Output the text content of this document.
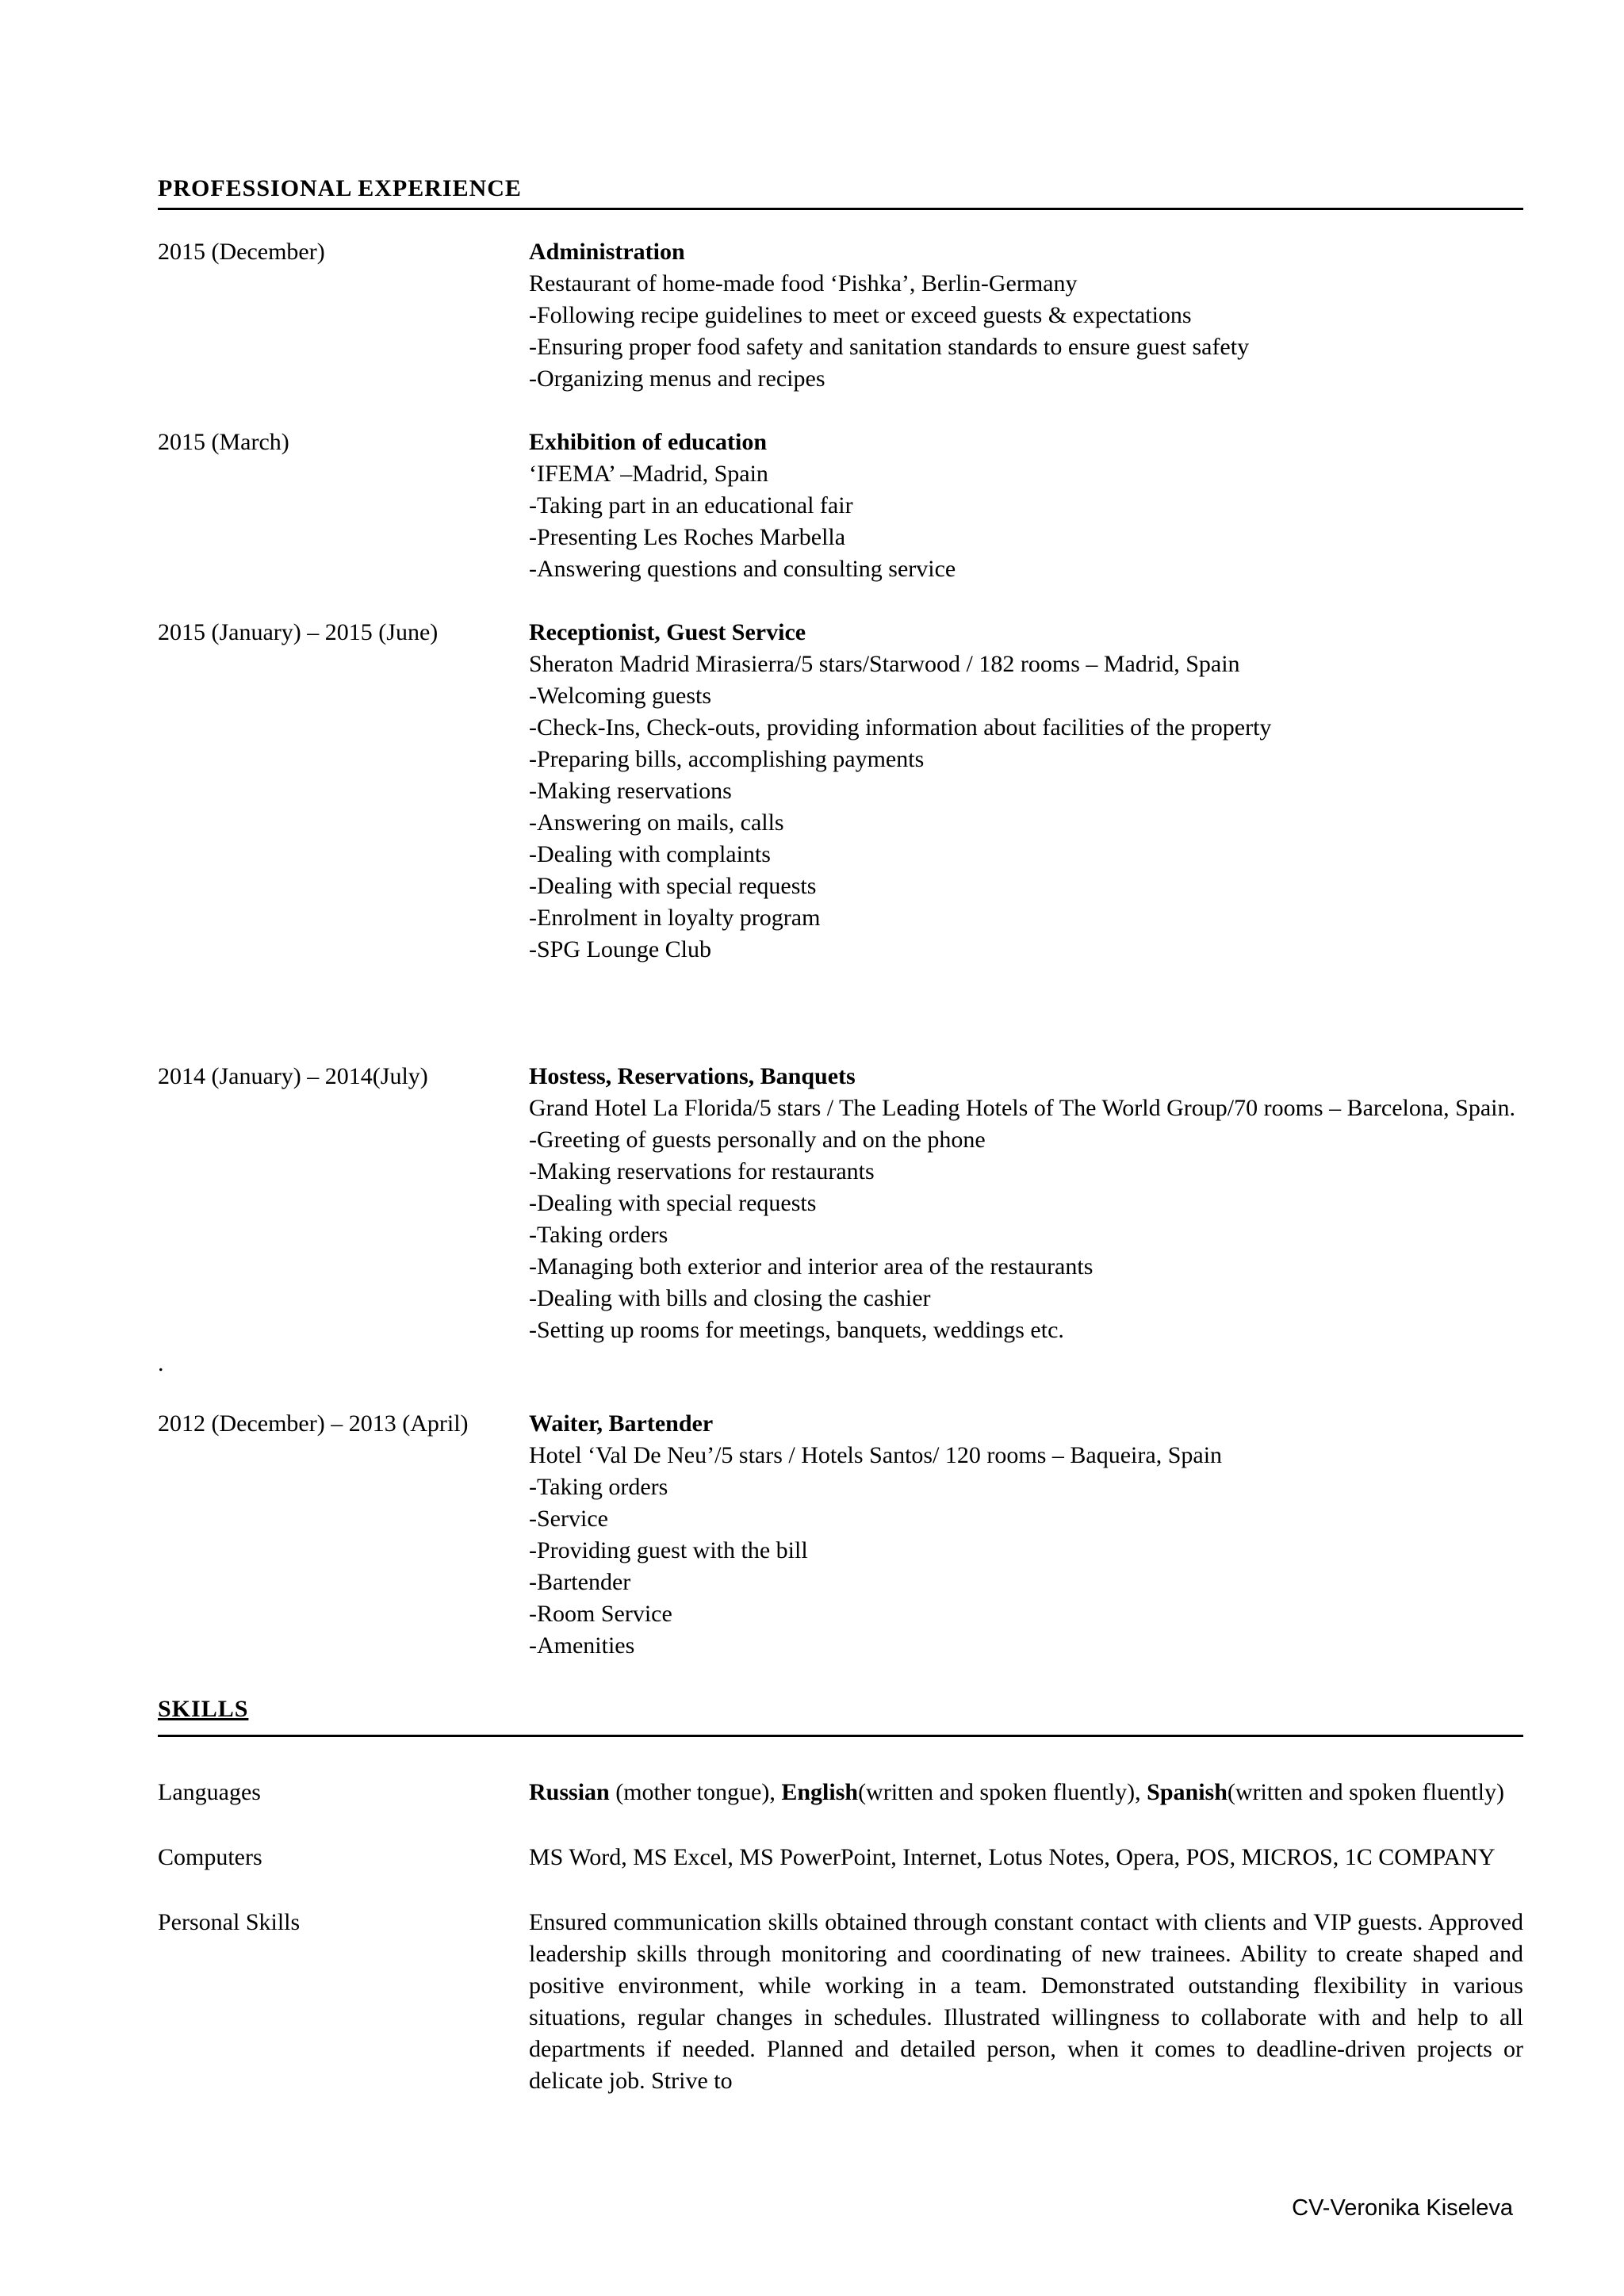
PROFESSIONAL EXPERIENCE
2015 (December)	Administration
Restaurant of home-made food ‘Pishka’, Berlin-Germany
-Following recipe guidelines to meet or exceed guests & expectations
-Ensuring proper food safety and sanitation standards to ensure guest safety
-Organizing menus and recipes
2015 (March)	Exhibition of education
‘IFEMA’ –Madrid, Spain
-Taking part in an educational fair
-Presenting Les Roches Marbella
-Answering questions and consulting service
2015 (January) – 2015 (June)	Receptionist, Guest Service
Sheraton Madrid Mirasierra/5 stars/Starwood / 182 rooms – Madrid, Spain
-Welcoming guests
-Check-Ins, Check-outs, providing information about facilities of the property
-Preparing bills, accomplishing payments
-Making reservations
-Answering on mails, calls
-Dealing with complaints
-Dealing with special requests
-Enrolment in loyalty program
-SPG Lounge Club
2014 (January) – 2014(July)	Hostess, Reservations, Banquets
Grand Hotel La Florida/5 stars / The Leading Hotels of The World Group/70 rooms – Barcelona, Spain.
-Greeting of guests personally and on the phone
-Making reservations for restaurants
-Dealing with special requests
-Taking orders
-Managing both exterior and interior area of the restaurants
-Dealing with bills and closing the cashier
-Setting up rooms for meetings, banquets, weddings etc.
.
2012 (December) – 2013 (April)	Waiter, Bartender
Hotel ‘Val De Neu’/5 stars / Hotels Santos/ 120 rooms – Baqueira, Spain
-Taking orders
-Service
-Providing guest with the bill
-Bartender
-Room Service
-Amenities
SKILLS
Languages	Russian (mother tongue), English(written and spoken fluently), Spanish(written and spoken fluently)
Computers	MS Word, MS Excel, MS PowerPoint, Internet, Lotus Notes, Opera, POS, MICROS, 1C COMPANY
Personal Skills	Ensured communication skills obtained through constant contact with clients and VIP guests. Approved leadership skills through monitoring and coordinating of new trainees. Ability to create shaped and positive environment, while working in a team. Demonstrated outstanding flexibility in various situations, regular changes in schedules. Illustrated willingness to collaborate with and help to all departments if needed. Planned and detailed person, when it comes to deadline-driven projects or delicate job. Strive to
CV-Veronika Kiseleva
